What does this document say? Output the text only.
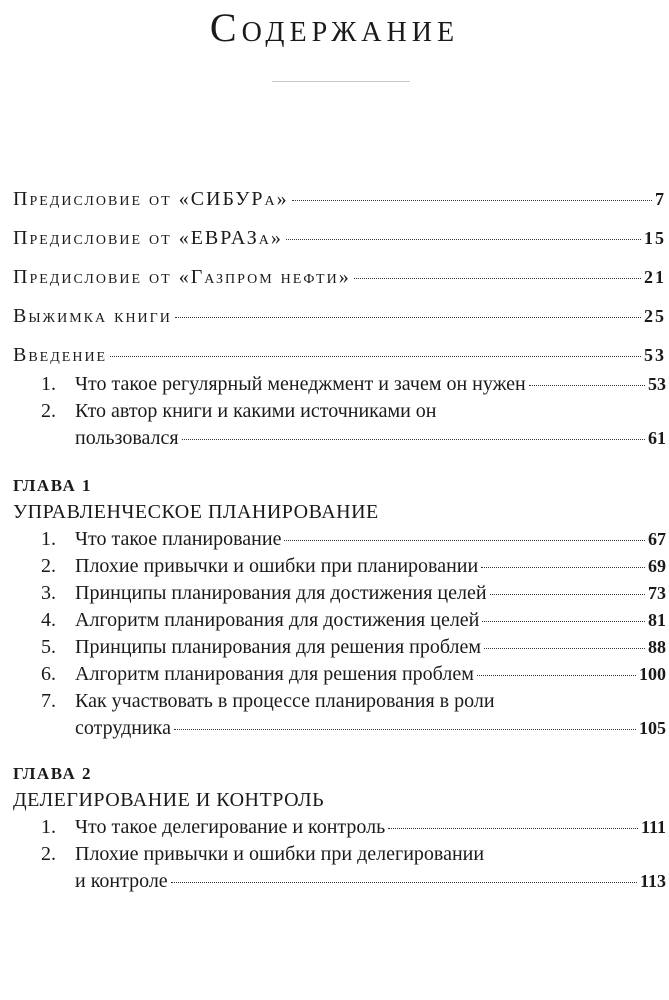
Содержание
Предисловие от «СИБУРа»	7
Предисловие от «ЕВРАЗа»	15
Предисловие от «Газпром нефти»	21
Выжимка книги	25
Введение	53
1. Что такое регулярный менеджмент и зачем он нужен	53
2. Кто автор книги и какими источниками он
пользовался	61
ГЛАВА 1
УПРАВЛЕНЧЕСКОЕ ПЛАНИРОВАНИЕ
1. Что такое планирование	67
2. Плохие привычки и ошибки при планировании	69
3. Принципы планирования для достижения целей	73
4. Алгоритм планирования для достижения целей	81
5. Принципы планирования для решения проблем	88
6. Алгоритм планирования для решения проблем	100
7. Как участвовать в процессе планирования в роли
сотрудника	105
ГЛАВА 2
ДЕЛЕГИРОВАНИЕ И КОНТРОЛЬ
1. Что такое делегирование и контроль	111
2. Плохие привычки и ошибки при делегировании
и контроле	113
